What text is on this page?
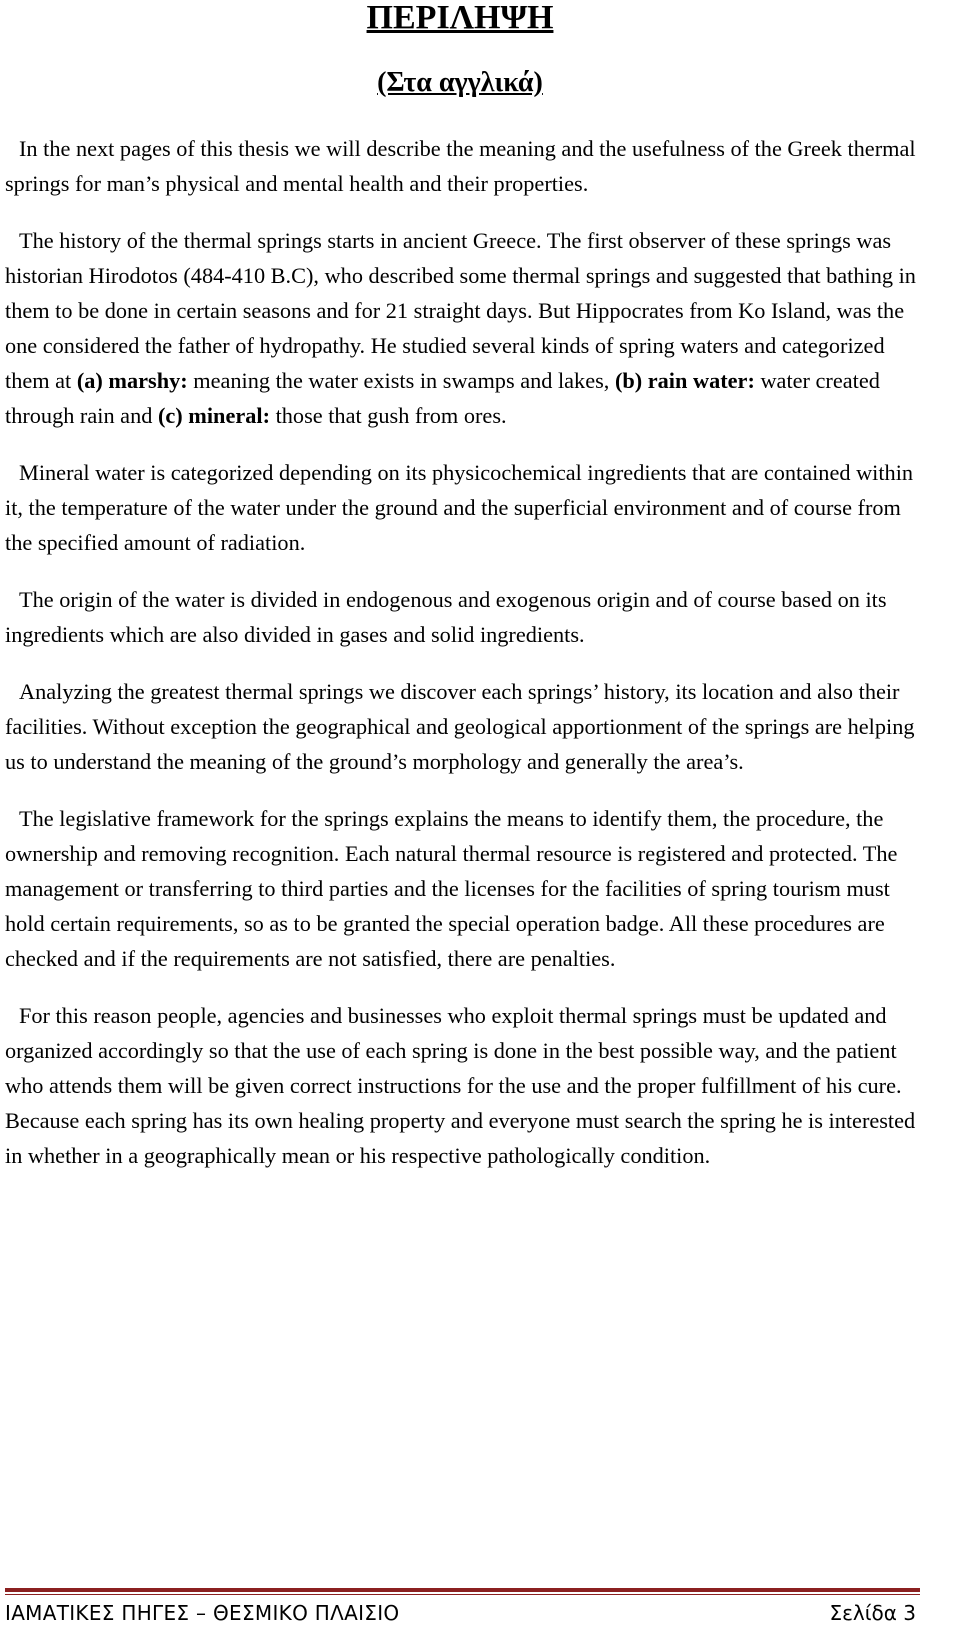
ΠΕΡΙΛΗΨΗ
(Στα αγγλικά)

In the next pages of this thesis we will describe the meaning and the usefulness of the Greek thermal springs for man’s physical and mental health and their properties.

The history of the thermal springs starts in ancient Greece. The first observer of these springs was historian Hirodotos (484-410 B.C), who described some thermal springs and suggested that bathing in them to be done in certain seasons and for 21 straight days. But Hippocrates from Ko Island, was the one considered the father of hydropathy. He studied several kinds of spring waters and categorized them at (a) marshy: meaning the water exists in swamps and lakes, (b) rain water: water created through rain and (c) mineral: those that gush from ores.

Mineral water is categorized depending on its physicochemical ingredients that are contained within it, the temperature of the water under the ground and the superficial environment and of course from the specified amount of radiation.

The origin of the water is divided in endogenous and exogenous origin and of course based on its ingredients which are also divided in gases and solid ingredients.

Analyzing the greatest thermal springs we discover each springs’ history, its location and also their facilities. Without exception the geographical and geological apportionment of the springs are helping us to understand the meaning of the ground’s morphology and generally the area’s.

The legislative framework for the springs explains the means to identify them, the procedure, the ownership and removing recognition. Each natural thermal resource is registered and protected. The management or transferring to third parties and the licenses for the facilities of spring tourism must hold certain requirements, so as to be granted the special operation badge. All these procedures are checked and if the requirements are not satisfied, there are penalties.

For this reason people, agencies and businesses who exploit thermal springs must be updated and organized accordingly so that the use of each spring is done in the best possible way, and the patient who attends them will be given correct instructions for the use and the proper fulfillment of his cure. Because each spring has its own healing property and everyone must search the spring he is interested in whether in a geographically mean or his respective pathologically condition.

ΙΑΜΑΤΙΚΕΣ ΠΗΓΕΣ – ΘΕΣΜΙΚΟ ΠΛΑΙΣΙΟ	Σελίδα 3
